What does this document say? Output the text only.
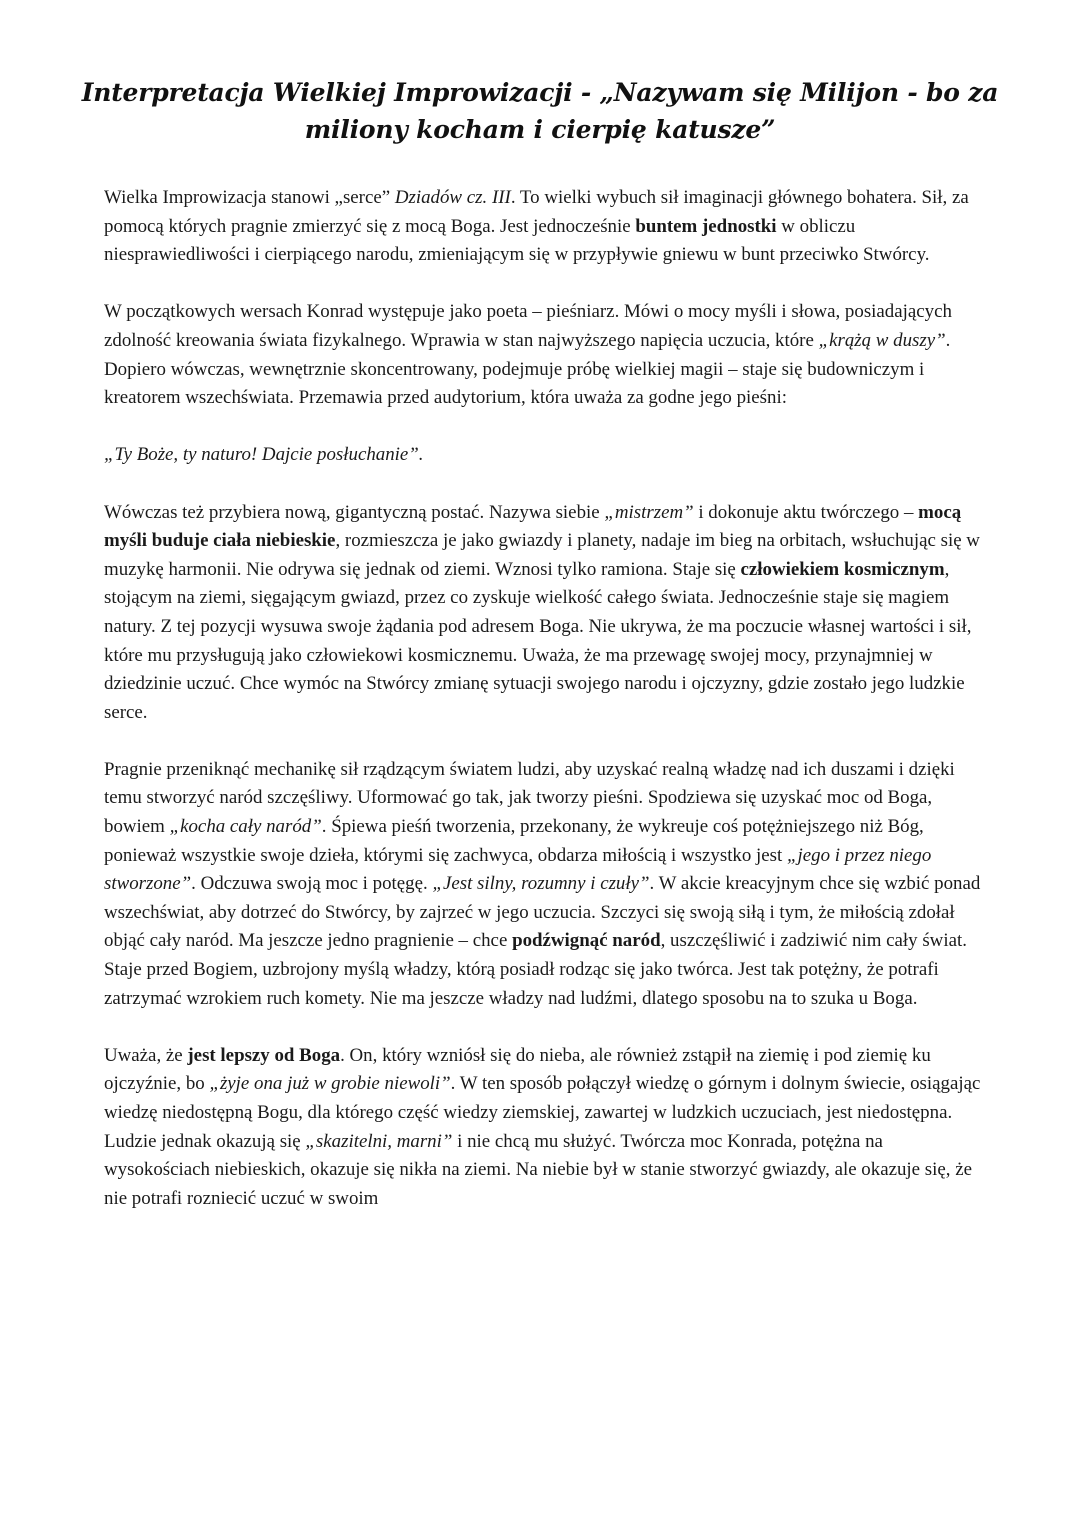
Interpretacja Wielkiej Improwizacji - „Nazywam się Milijon - bo za miliony kocham i cierpię katusze”

Wielka Improwizacja stanowi „serce” Dziadów cz. III. To wielki wybuch sił imaginacji głównego bohatera. Sił, za pomocą których pragnie zmierzyć się z mocą Boga. Jest jednocześnie buntem jednostki w obliczu niesprawiedliwości i cierpiącego narodu, zmieniającym się w przypływie gniewu w bunt przeciwko Stwórcy.

W początkowych wersach Konrad występuje jako poeta – pieśniarz. Mówi o mocy myśli i słowa, posiadających zdolność kreowania świata fizykalnego. Wprawia w stan najwyższego napięcia uczucia, które „krążą w duszy”. Dopiero wówczas, wewnętrznie skoncentrowany, podejmuje próbę wielkiej magii – staje się budowniczym i kreatorem wszechświata. Przemawia przed audytorium, która uważa za godne jego pieśni:

„Ty Boże, ty naturo! Dajcie posłuchanie”.

Wówczas też przybiera nową, gigantyczną postać. Nazywa siebie „mistrzem” i dokonuje aktu twórczego – mocą myśli buduje ciała niebieskie, rozmieszcza je jako gwiazdy i planety, nadaje im bieg na orbitach, wsłuchując się w muzykę harmonii. Nie odrywa się jednak od ziemi. Wznosi tylko ramiona. Staje się człowiekiem kosmicznym, stojącym na ziemi, sięgającym gwiazd, przez co zyskuje wielkość całego świata. Jednocześnie staje się magiem natury. Z tej pozycji wysuwa swoje żądania pod adresem Boga. Nie ukrywa, że ma poczucie własnej wartości i sił, które mu przysługują jako człowiekowi kosmicznemu. Uważa, że ma przewagę swojej mocy, przynajmniej w dziedzinie uczuć. Chce wymóc na Stwórcy zmianę sytuacji swojego narodu i ojczyzny, gdzie zostało jego ludzkie serce.

Pragnie przeniknąć mechanikę sił rządzącym światem ludzi, aby uzyskać realną władzę nad ich duszami i dzięki temu stworzyć naród szczęśliwy. Uformować go tak, jak tworzy pieśni. Spodziewa się uzyskać moc od Boga, bowiem „kocha cały naród”. Śpiewa pieśń tworzenia, przekonany, że wykreuje coś potężniejszego niż Bóg, ponieważ wszystkie swoje dzieła, którymi się zachwyca, obdarza miłością i wszystko jest „jego i przez niego stworzone”. Odczuwa swoją moc i potęgę. „Jest silny, rozumny i czuły”. W akcie kreacyjnym chce się wzbić ponad wszechświat, aby dotrzeć do Stwórcy, by zajrzeć w jego uczucia. Szczyci się swoją siłą i tym, że miłością zdołał objąć cały naród. Ma jeszcze jedno pragnienie – chce podźwignąć naród, uszczęśliwić i zadziwić nim cały świat. Staje przed Bogiem, uzbrojony myślą władzy, którą posiadł rodząc się jako twórca. Jest tak potężny, że potrafi zatrzymać wzrokiem ruch komety. Nie ma jeszcze władzy nad ludźmi, dlatego sposobu na to szuka u Boga.

Uważa, że jest lepszy od Boga. On, który wzniósł się do nieba, ale również zstąpił na ziemię i pod ziemię ku ojczyźnie, bo „żyje ona już w grobie niewoli”. W ten sposób połączył wiedzę o górnym i dolnym świecie, osiągając wiedzę niedostępną Bogu, dla którego część wiedzy ziemskiej, zawartej w ludzkich uczuciach, jest niedostępna. Ludzie jednak okazują się „skazitelni, marni” i nie chcą mu służyć. Twórcza moc Konrada, potężna na wysokościach niebieskich, okazuje się nikła na ziemi. Na niebie był w stanie stworzyć gwiazdy, ale okazuje się, że nie potrafi rozniecić uczuć w swoim
